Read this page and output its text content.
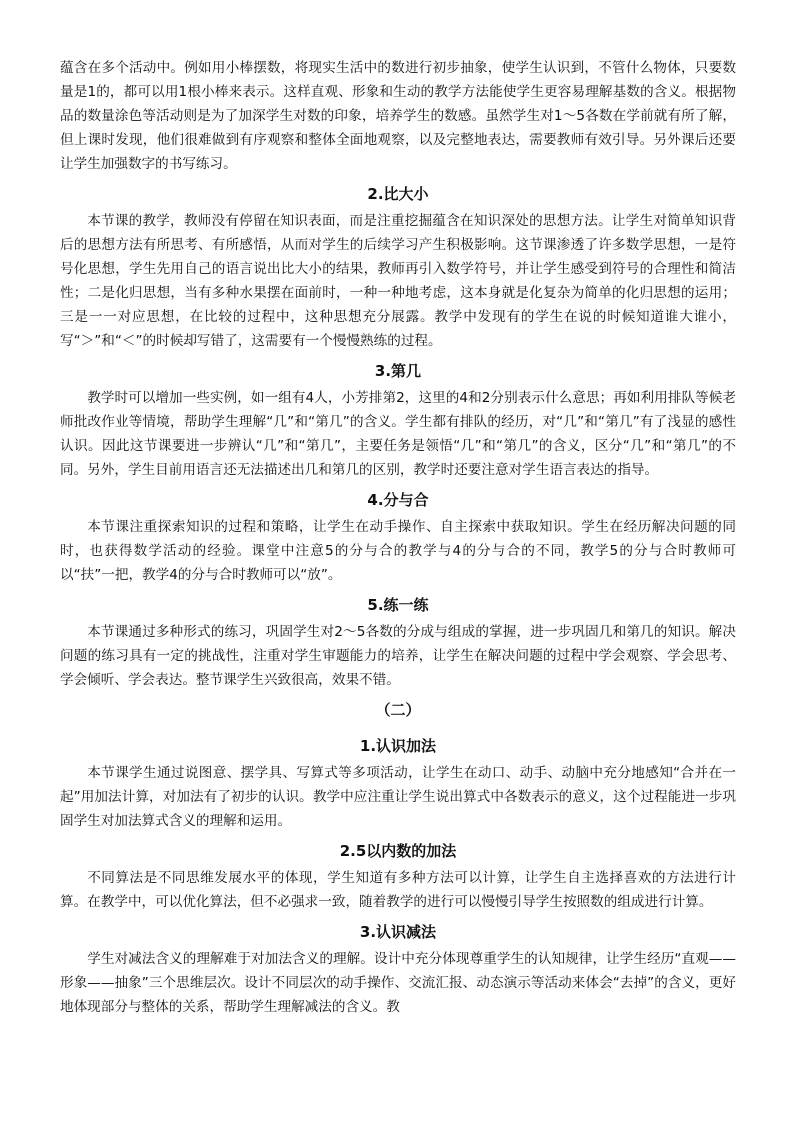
蕴含在多个活动中。例如用小棒摆数，将现实生活中的数进行初步抽象，使学生认识到，不管什么物体，只要数量是1的，都可以用1根小棒来表示。这样直观、形象和生动的教学方法能使学生更容易理解基数的含义。根据物品的数量涂色等活动则是为了加深学生对数的印象，培养学生的数感。虽然学生对1～5各数在学前就有所了解，但上课时发现，他们很难做到有序观察和整体全面地观察，以及完整地表达，需要教师有效引导。另外课后还要让学生加强数字的书写练习。

2.比大小

本节课的教学，教师没有停留在知识表面，而是注重挖掘蕴含在知识深处的思想方法。让学生对简单知识背后的思想方法有所思考、有所感悟，从而对学生的后续学习产生积极影响。这节课渗透了许多数学思想，一是符号化思想，学生先用自己的语言说出比大小的结果，教师再引入数学符号，并让学生感受到符号的合理性和简洁性；二是化归思想，当有多种水果摆在面前时，一种一种地考虑，这本身就是化复杂为简单的化归思想的运用；三是一一对应思想，在比较的过程中，这种思想充分展露。教学中发现有的学生在说的时候知道谁大谁小，写“＞”和“＜”的时候却写错了，这需要有一个慢慢熟练的过程。

3.第几

教学时可以增加一些实例，如一组有4人，小芳排第2，这里的4和2分别表示什么意思；再如利用排队等候老师批改作业等情境，帮助学生理解“几”和“第几”的含义。学生都有排队的经历，对“几”和“第几”有了浅显的感性认识。因此这节课要进一步辨认“几”和“第几”，主要任务是领悟“几”和“第几”的含义，区分“几”和“第几”的不同。另外，学生目前用语言还无法描述出几和第几的区别，教学时还要注意对学生语言表达的指导。

4.分与合

本节课注重探索知识的过程和策略，让学生在动手操作、自主探索中获取知识。学生在经历解决问题的同时，也获得数学活动的经验。课堂中注意5的分与合的教学与4的分与合的不同，教学5的分与合时教师可以“扶”一把，教学4的分与合时教师可以“放”。

5.练一练

本节课通过多种形式的练习，巩固学生对2～5各数的分成与组成的掌握，进一步巩固几和第几的知识。解决问题的练习具有一定的挑战性，注重对学生审题能力的培养，让学生在解决问题的过程中学会观察、学会思考、学会倾听、学会表达。整节课学生兴致很高，效果不错。

（二）
1.认识加法

本节课学生通过说图意、摆学具、写算式等多项活动，让学生在动口、动手、动脑中充分地感知“合并在一起”用加法计算，对加法有了初步的认识。教学中应注重让学生说出算式中各数表示的意义，这个过程能进一步巩固学生对加法算式含义的理解和运用。

2.5以内数的加法

不同算法是不同思维发展水平的体现，学生知道有多种方法可以计算，让学生自主选择喜欢的方法进行计算。在教学中，可以优化算法，但不必强求一致，随着教学的进行可以慢慢引导学生按照数的组成进行计算。

3.认识减法

学生对减法含义的理解难于对加法含义的理解。设计中充分体现尊重学生的认知规律，让学生经历“直观——形象——抽象”三个思维层次。设计不同层次的动手操作、交流汇报、动态演示等活动来体会“去掉”的含义，更好地体现部分与整体的关系，帮助学生理解减法的含义。教
